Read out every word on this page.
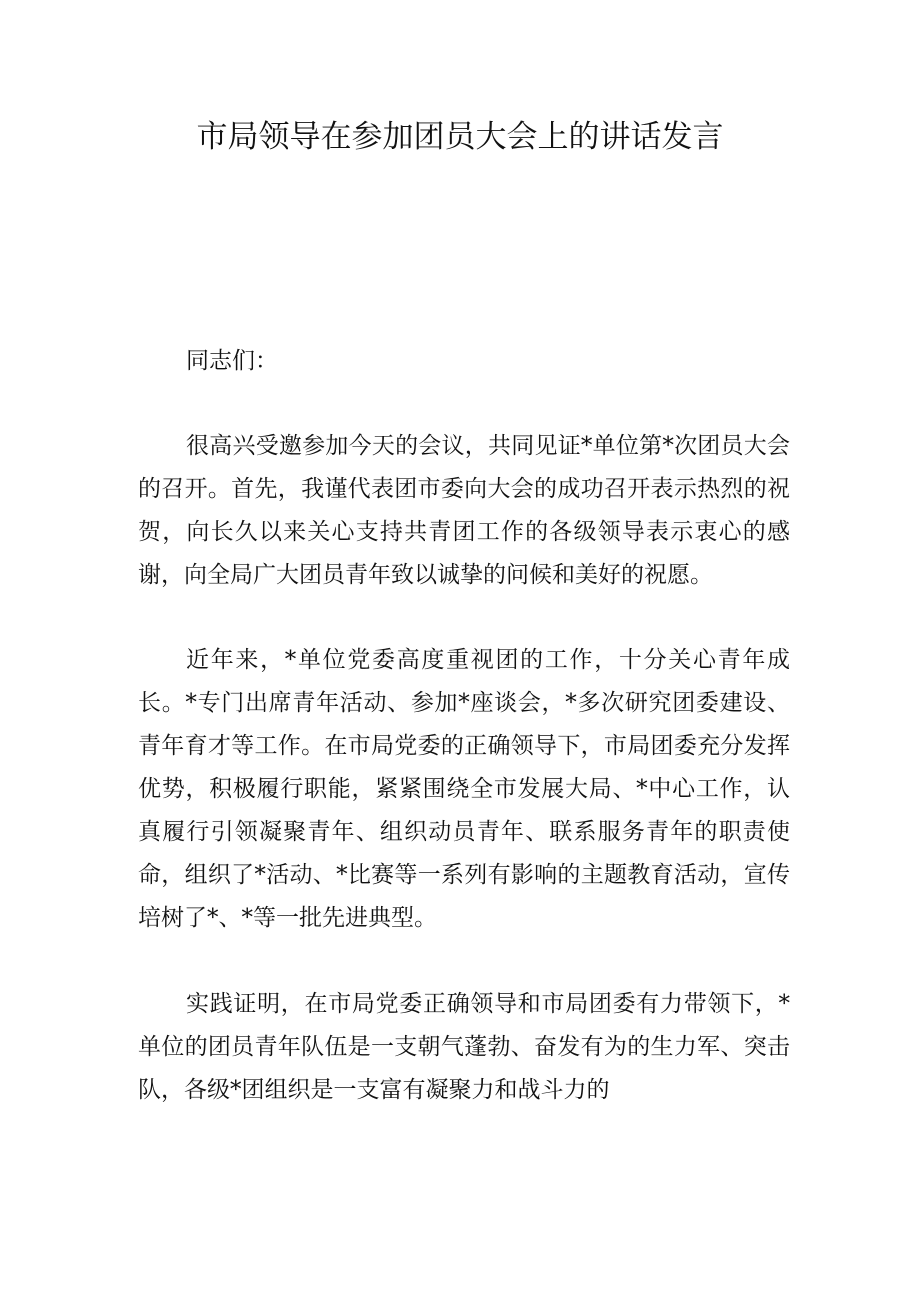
市局领导在参加团员大会上的讲话发言

同志们：

很高兴受邀参加今天的会议，共同见证*单位第*次团员大会的召开。首先，我谨代表团市委向大会的成功召开表示热烈的祝贺，向长久以来关心支持共青团工作的各级领导表示衷心的感谢，向全局广大团员青年致以诚挚的问候和美好的祝愿。

近年来，*单位党委高度重视团的工作，十分关心青年成长。*专门出席青年活动、参加*座谈会，*多次研究团委建设、青年育才等工作。在市局党委的正确领导下，市局团委充分发挥优势，积极履行职能，紧紧围绕全市发展大局、*中心工作，认真履行引领凝聚青年、组织动员青年、联系服务青年的职责使命，组织了*活动、*比赛等一系列有影响的主题教育活动，宣传培树了*、*等一批先进典型。

实践证明，在市局党委正确领导和市局团委有力带领下，*单位的团员青年队伍是一支朝气蓬勃、奋发有为的生力军、突击队，各级*团组织是一支富有凝聚力和战斗力的
